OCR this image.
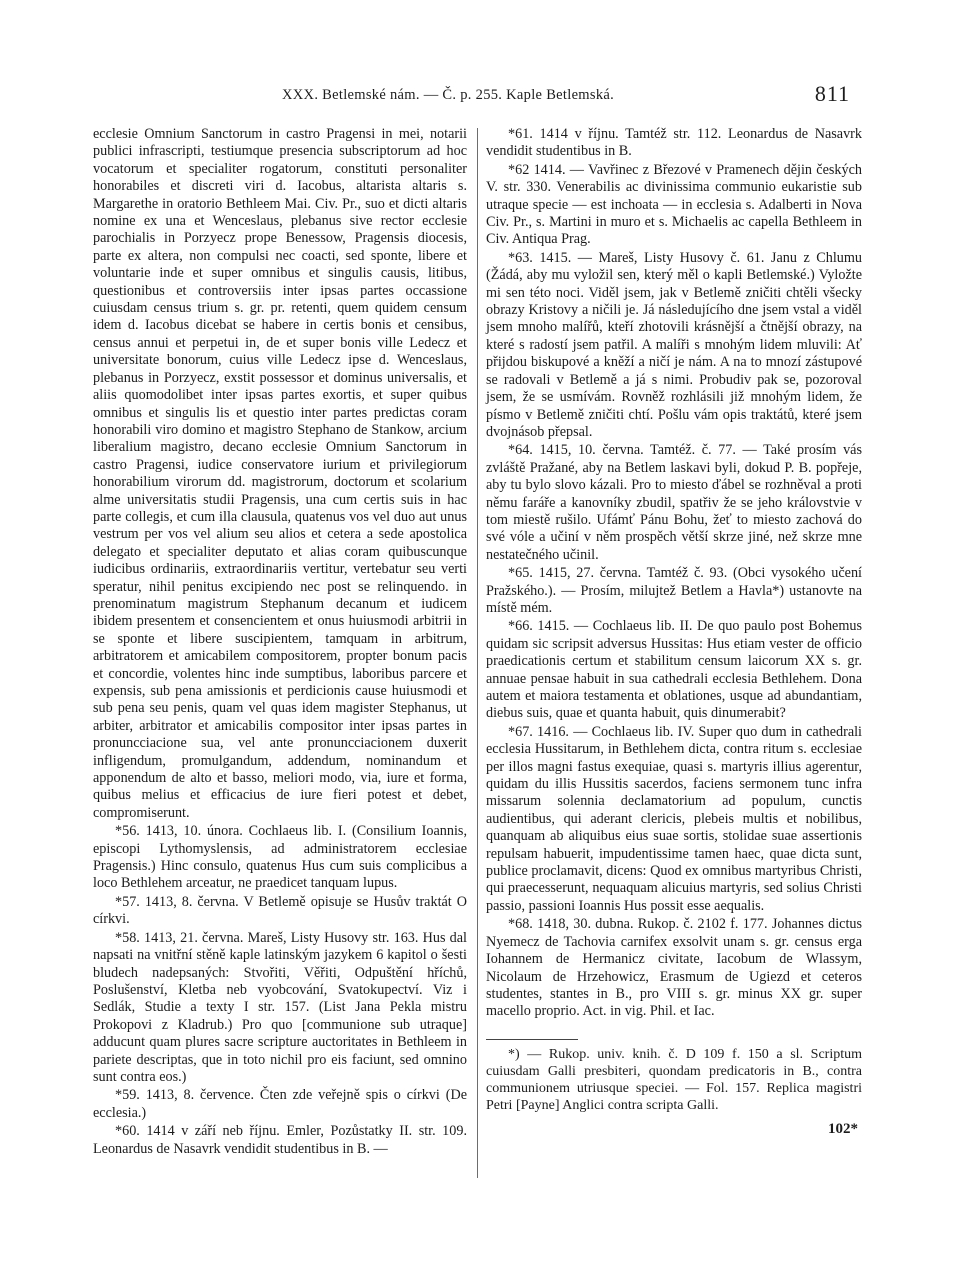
XXX. Betlemské nám. — Č. p. 255. Kaple Betlemská.	811

ecclesie Omnium Sanctorum in castro Pragensi in mei, notarii publici infrascripti, testiumque presencia subscriptorum ad hoc vocatorum et specialiter rogatorum, constituti personaliter honorabiles et discreti viri d. Iacobus, altarista altaris s. Margarethe in oratorio Bethleem Mai. Civ. Pr., suo et dicti altaris nomine ex una et Wenceslaus, plebanus sive rector ecclesie parochialis in Porzyecz prope Benessow, Pragensis diocesis, parte ex altera, non compulsi nec coacti, sed sponte, libere et voluntarie inde et super omnibus et singulis causis, litibus, questionibus et controversiis inter ipsas partes occassione cuiusdam census trium s. gr. pr. retenti, quem quidem censum idem d. Iacobus dicebat se habere in certis bonis et censibus, census annui et perpetui in, de et super bonis ville Ledecz et universitate bonorum, cuius ville Ledecz ipse d. Wenceslaus, plebanus in Porzyecz, exstit possessor et dominus universalis, et aliis quomodolibet inter ipsas partes exortis, et super quibus omnibus et singulis lis et questio inter partes predictas coram honorabili viro domino et magistro Stephano de Stankow, arcium liberalium magistro, decano ecclesie Omnium Sanctorum in castro Pragensi, iudice conservatore iurium et privilegiorum honorabilium virorum dd. magistrorum, doctorum et scolarium alme universitatis studii Pragensis, una cum certis suis in hac parte collegis, et cum illa clausula, quatenus vos vel duo aut unus vestrum per vos vel alium seu alios et cetera a sede apostolica delegato et specialiter deputato et alias coram quibuscunque iudicibus ordinariis, extraordinariis vertitur, vertebatur seu verti speratur, nihil penitus excipiendo nec post se relinquendo. in prenominatum magistrum Stephanum decanum et iudicem ibidem presentem et consencientem et onus huiusmodi arbitrii in se sponte et libere suscipientem, tamquam in arbitrum, arbitratorem et amicabilem compositorem, propter bonum pacis et concordie, volentes hinc inde sumptibus, laboribus parcere et expensis, sub pena amissionis et perdicionis cause huiusmodi et sub pena seu penis, quam vel quas idem magister Stephanus, ut arbiter, arbitrator et amicabilis compositor inter ipsas partes in pronuncciacione sua, vel ante pronuncciacionem duxerit infligendum, promulgandum, addendum, nominandum et apponendum de alto et basso, meliori modo, via, iure et forma, quibus melius et efficacius de iure fieri potest et debet, compromiserunt.

*56. 1413, 10. února. Cochlaeus lib. I. (Consilium Ioannis, episcopi Lythomyslensis, ad administratorem ecclesiae Pragensis.) Hinc consulo, quatenus Hus cum suis complicibus a loco Bethlehem arceatur, ne praedicet tanquam lupus.

*57. 1413, 8. června. V Betlemě opisuje se Husův traktát O církvi.

*58. 1413, 21. června. Mareš, Listy Husovy str. 163. Hus dal napsati na vnitřní stěně kaple latinským jazykem 6 kapitol o šesti bludech nadepsaných: Stvořiti, Věřiti, Odpuštění hříchů, Poslušenství, Kletba neb vyobcování, Svatokupectví. Viz i Sedlák, Studie a texty I str. 157. (List Jana Pekla mistru Prokopovi z Kladrub.) Pro quo [communione sub utraque] adducunt quam plures sacre scripture auctoritates in Bethleem in pariete descriptas, que in toto nichil pro eis faciunt, sed omnino sunt contra eos.)

*59. 1413, 8. července. Čten zde veřejně spis o církvi (De ecclesia.)

*60. 1414 v září neb říjnu. Emler, Pozůstatky II. str. 109. Leonardus de Nasavrk vendidit studentibus in B. —

*61. 1414 v říjnu. Tamtéž str. 112. Leonardus de Nasavrk vendidit studentibus in B.

*62 1414. — Vavřinec z Březové v Pramenech dějin českých V. str. 330. Venerabilis ac divinissima communio eukaristie sub utraque specie — est inchoata — in ecclesia s. Adalberti in Nova Civ. Pr., s. Martini in muro et s. Michaelis ac capella Bethleem in Civ. Antiqua Prag.

*63. 1415. — Mareš, Listy Husovy č. 61. Janu z Chlumu (Žádá, aby mu vyložil sen, který měl o kapli Betlemské.) Vyložte mi sen této noci. Viděl jsem, jak v Betlemě zničiti chtěli všecky obrazy Kristovy a ničili je. Já následujícího dne jsem vstal a viděl jsem mnoho malířů, kteří zhotovili krásnější a čtnější obrazy, na které s radostí jsem patřil. A malíři s mnohým lidem mluvili: Ať přijdou biskupové a kněží a ničí je nám. A na to mnozí zástupové se radovali v Betlemě a já s nimi. Probudiv pak se, pozoroval jsem, že se usmívám. Rovněž rozhlásili již mnohým lidem, že písmo v Betlemě zničiti chtí. Pošlu vám opis traktátů, které jsem dvojnásob přepsal.

*64. 1415, 10. června. Tamtéž. č. 77. — Také prosím vás zvláště Pražané, aby na Betlem laskavi byli, dokud P. B. popřeje, aby tu bylo slovo kázali. Pro to miesto ďábel se rozhněval a proti němu faráře a kanovníky zbudil, spatřiv že se jeho královstvie v tom miestě rušilo. Ufámť Pánu Bohu, žeť to miesto zachová do své vóle a učiní v něm prospěch větší skrze jiné, než skrze mne nestatečného učinil.

*65. 1415, 27. června. Tamtéž č. 93. (Obci vysokého učení Pražského.). — Prosím, milujtež Betlem a Havla*) ustanovte na místě mém.

*66. 1415. — Cochlaeus lib. II. De quo paulo post Bohemus quidam sic scripsit adversus Hussitas: Hus etiam vester de officio praedicationis certum et stabilitum censum laicorum XX s. gr. annuae pensae habuit in sua cathedrali ecclesia Bethlehem. Dona autem et maiora testamenta et oblationes, usque ad abundantiam, diebus suis, quae et quanta habuit, quis dinumerabit?

*67. 1416. — Cochlaeus lib. IV. Super quo dum in cathedrali ecclesia Hussitarum, in Bethlehem dicta, contra ritum s. ecclesiae per illos magni fastus exequiae, quasi s. martyris illius agerentur, quidam du illis Hussitis sacerdos, faciens sermonem tunc infra missarum solennia declamatorium ad populum, cunctis audientibus, qui aderant clericis, plebeis multis et nobilibus, quanquam ab aliquibus eius suae sortis, stolidae suae assertionis repulsam habuerit, impudentissime tamen haec, quae dicta sunt, publice proclamavit, dicens: Quod ex omnibus martyribus Christi, qui praecesserunt, nequaquam alicuius martyris, sed solius Christi passio, passioni Ioannis Hus possit esse aequalis.

*68. 1418, 30. dubna. Rukop. č. 2102 f. 177. Johannes dictus Nyemecz de Tachovia carnifex exsolvit unam s. gr. census erga Iohannem de Hermanicz civitate, Iacobum de Wlassym, Nicolaum de Hrzehowicz, Erasmum de Ugiezd et ceteros studentes, stantes in B., pro VIII s. gr. minus XX gr. super macello proprio. Act. in vig. Phil. et Iac.

*) — Rukop. univ. knih. č. D 109 f. 150 a sl. Scriptum cuiusdam Galli presbiteri, quondam predicatoris in B., contra communionem utriusque speciei. — Fol. 157. Replica magistri Petri [Payne] Anglici contra scripta Galli.

102*
